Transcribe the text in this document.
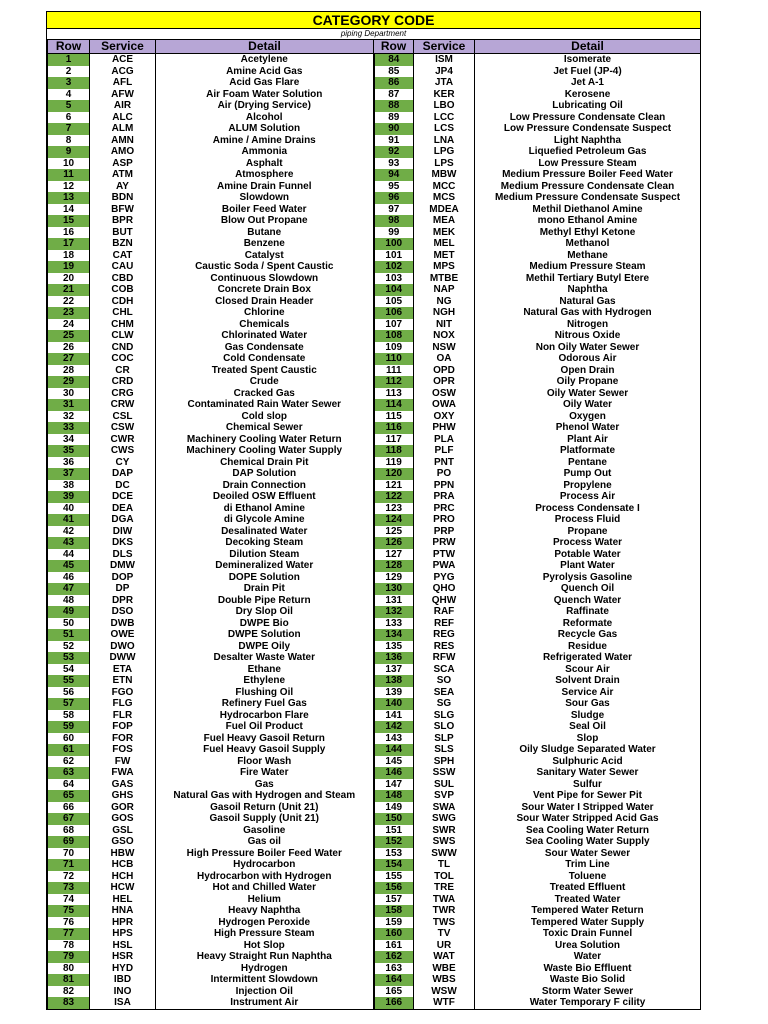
CATEGORY CODE
piping Department
Row	Service	Detail	Row	Service	Detail
1	ACE	Acetylene	84	ISM	Isomerate
2	ACG	Amine Acid Gas	85	JP4	Jet Fuel (JP-4)
3	AFL	Acid Gas Flare	86	JTA	Jet A-1
4	AFW	Air Foam Water Solution	87	KER	Kerosene
5	AIR	Air (Drying Service)	88	LBO	Lubricating Oil
6	ALC	Alcohol	89	LCC	Low Pressure Condensate Clean
7	ALM	ALUM Solution	90	LCS	Low Pressure Condensate Suspect
8	AMN	Amine / Amine Drains	91	LNA	Light Naphtha
9	AMO	Ammonia	92	LPG	Liquefied Petroleum Gas
10	ASP	Asphalt	93	LPS	Low Pressure Steam
11	ATM	Atmosphere	94	MBW	Medium Pressure Boiler Feed Water
12	AY	Amine Drain Funnel	95	MCC	Medium Pressure Condensate Clean
13	BDN	Slowdown	96	MCS	Medium Pressure Condensate Suspect
14	BFW	Boiler Feed Water	97	MDEA	Methil Diethanol Amine
15	BPR	Blow Out Propane	98	MEA	mono Ethanol Amine
16	BUT	Butane	99	MEK	Methyl Ethyl Ketone
17	BZN	Benzene	100	MEL	Methanol
18	CAT	Catalyst	101	MET	Methane
19	CAU	Caustic Soda / Spent Caustic	102	MPS	Medium Pressure Steam
20	CBD	Continuous Slowdown	103	MTBE	Methil Tertiary Butyl Etere
21	COB	Concrete Drain Box	104	NAP	Naphtha
22	CDH	Closed Drain Header	105	NG	Natural Gas
23	CHL	Chlorine	106	NGH	Natural Gas with Hydrogen
24	CHM	Chemicals	107	NIT	Nitrogen
25	CLW	Chlorinated Water	108	NOX	Nitrous Oxide
26	CND	Gas Condensate	109	NSW	Non Oily Water Sewer
27	COC	Cold Condensate	110	OA	Odorous Air
28	CR	Treated Spent Caustic	111	OPD	Open Drain
29	CRD	Crude	112	OPR	Oily Propane
30	CRG	Cracked Gas	113	OSW	Oily Water Sewer
31	CRW	Contaminated Rain Water Sewer	114	OWA	Oily Water
32	CSL	Cold slop	115	OXY	Oxygen
33	CSW	Chemical Sewer	116	PHW	Phenol Water
34	CWR	Machinery Cooling Water Return	117	PLA	Plant Air
35	CWS	Machinery Cooling Water Supply	118	PLF	Platformate
36	CY	Chemical Drain Pit	119	PNT	Pentane
37	DAP	DAP Solution	120	PO	Pump Out
38	DC	Drain Connection	121	PPN	Propylene
39	DCE	Deoiled OSW Effluent	122	PRA	Process Air
40	DEA	di Ethanol Amine	123	PRC	Process Condensate I
41	DGA	di Glycole Amine	124	PRO	Process Fluid
42	DIW	Desalinated Water	125	PRP	Propane
43	DKS	Decoking Steam	126	PRW	Process Water
44	DLS	Dilution Steam	127	PTW	Potable Water
45	DMW	Demineralized Water	128	PWA	Plant Water
46	DOP	DOPE Solution	129	PYG	Pyrolysis Gasoline
47	DP	Drain Pit	130	QHO	Quench Oil
48	DPR	Double Pipe Return	131	QHW	Quench Water
49	DSO	Dry Slop Oil	132	RAF	Raffinate
50	DWB	DWPE Bio	133	REF	Reformate
51	OWE	DWPE Solution	134	REG	Recycle Gas
52	DWO	DWPE Oily	135	RES	Residue
53	DWW	Desalter Waste Water	136	RFW	Refrigerated Water
54	ETA	Ethane	137	SCA	Scour Air
55	ETN	Ethylene	138	SO	Solvent Drain
56	FGO	Flushing Oil	139	SEA	Service Air
57	FLG	Refinery Fuel Gas	140	SG	Sour Gas
58	FLR	Hydrocarbon Flare	141	SLG	Sludge
59	FOP	Fuel Oil Product	142	SLO	Seal Oil
60	FOR	Fuel Heavy Gasoil Return	143	SLP	Slop
61	FOS	Fuel Heavy Gasoil Supply	144	SLS	Oily Sludge Separated Water
62	FW	Floor Wash	145	SPH	Sulphuric Acid
63	FWA	Fire Water	146	SSW	Sanitary Water Sewer
64	GAS	Gas	147	SUL	Sulfur
65	GHS	Natural Gas with Hydrogen and Steam	148	SVP	Vent Pipe for Sewer Pit
66	GOR	Gasoil Return (Unit 21)	149	SWA	Sour Water I Stripped Water
67	GOS	Gasoil Supply (Unit 21)	150	SWG	Sour Water Stripped Acid Gas
68	GSL	Gasoline	151	SWR	Sea Cooling Water Return
69	GSO	Gas oil	152	SWS	Sea Cooling Water Supply
70	HBW	High Pressure Boiler Feed Water	153	SWW	Sour Water Sewer
71	HCB	Hydrocarbon	154	TL	Trim Line
72	HCH	Hydrocarbon with Hydrogen	155	TOL	Toluene
73	HCW	Hot and Chilled Water	156	TRE	Treated Effluent
74	HEL	Helium	157	TWA	Treated Water
75	HNA	Heavy Naphtha	158	TWR	Tempered Water Return
76	HPR	Hydrogen Peroxide	159	TWS	Tempered Water Supply
77	HPS	High Pressure Steam	160	TV	Toxic Drain Funnel
78	HSL	Hot Slop	161	UR	Urea Solution
79	HSR	Heavy Straight Run Naphtha	162	WAT	Water
80	HYD	Hydrogen	163	WBE	Waste Bio Effluent
81	IBD	Intermittent Slowdown	164	WBS	Waste Bio Solid
82	INO	Injection Oil	165	WSW	Storm Water Sewer
83	ISA	Instrument Air	166	WTF	Water Temporary F cility
